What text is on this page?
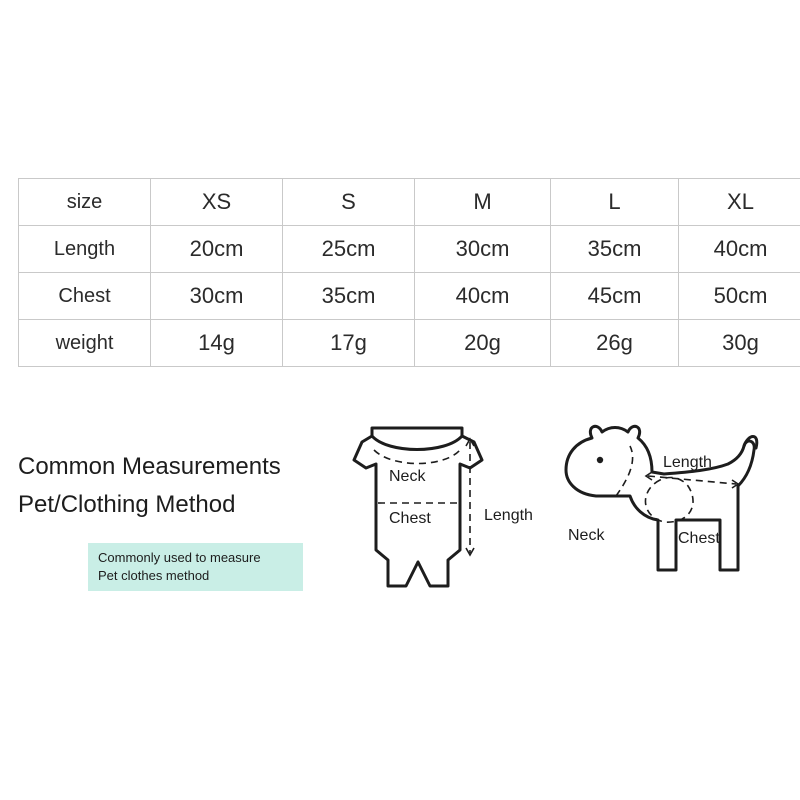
size	XS	S	M	L	XL
Length	20cm	25cm	30cm	35cm	40cm
Chest	30cm	35cm	40cm	45cm	50cm
weight	14g	17g	20g	26g	30g
Common Measurements
Pet/Clothing Method
Commonly used to measure
Pet clothes method
Neck
Chest	Length
Length
Neck	Chest
